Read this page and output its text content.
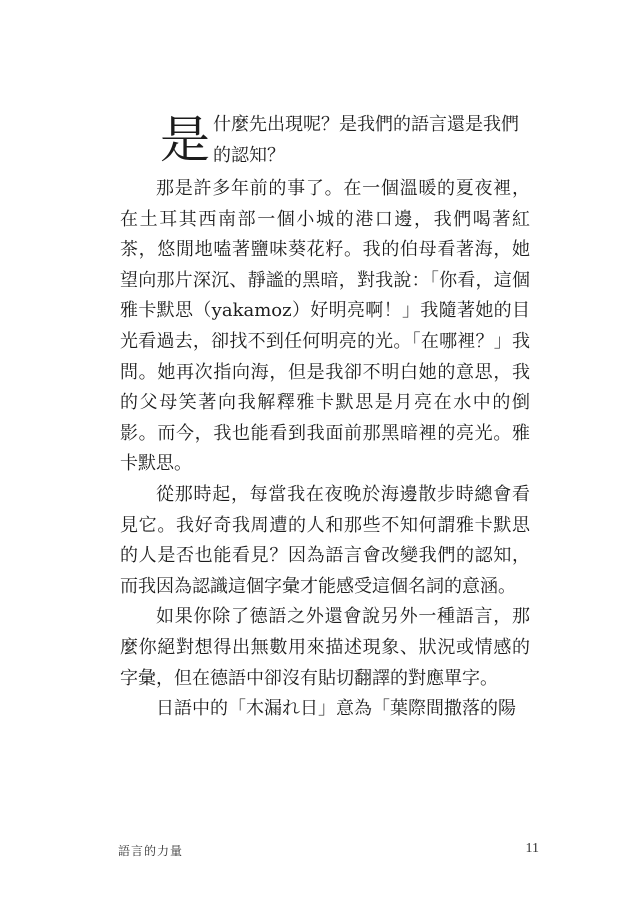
是 什麼先出現呢？是我們的語言還是我們
的認知？

那是許多年前的事了。在一個溫暖的夏夜裡，在土耳其西南部一個小城的港口邊，我們喝著紅茶，悠閒地嗑著鹽味葵花籽。我的伯母看著海，她望向那片深沉、靜謐的黑暗，對我說：「你看，這個雅卡默思（yakamoz）好明亮啊！」我隨著她的目光看過去，卻找不到任何明亮的光。「在哪裡？」我問。她再次指向海，但是我卻不明白她的意思，我的父母笑著向我解釋雅卡默思是月亮在水中的倒影。而今，我也能看到我面前那黑暗裡的亮光。雅卡默思。

從那時起，每當我在夜晚於海邊散步時總會看見它。我好奇我周遭的人和那些不知何謂雅卡默思的人是否也能看見？因為語言會改變我們的認知，而我因為認識這個字彙才能感受這個名詞的意涵。

如果你除了德語之外還會說另外一種語言，那麼你絕對想得出無數用來描述現象、狀況或情感的字彙，但在德語中卻沒有貼切翻譯的對應單字。

日語中的「木漏れ日」意為「葉際間撒落的陽

語言的力量	11
